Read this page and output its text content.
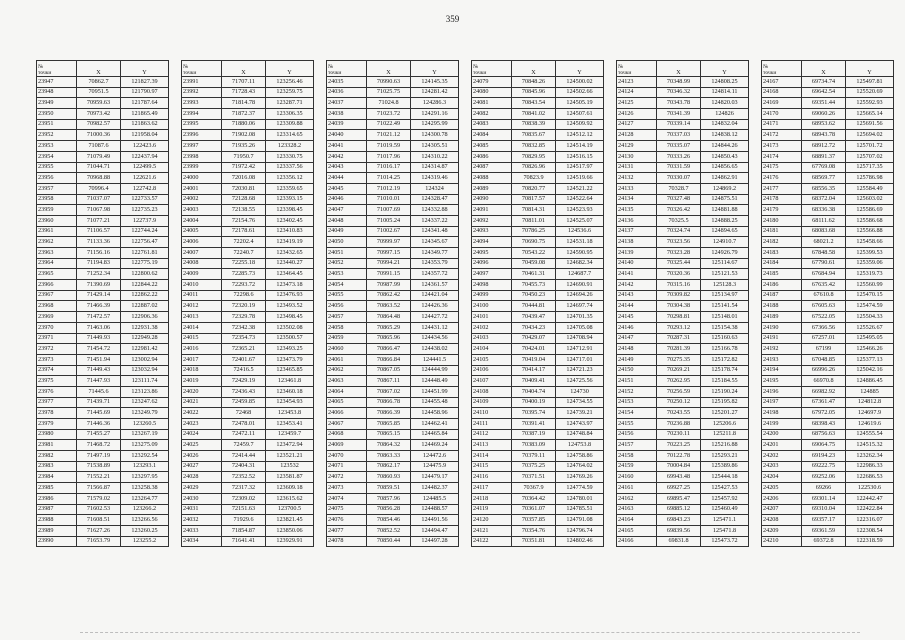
359
№
точки	X	Y
23947	70862.7	121827.39
23948	70951.5	121790.97
23949	70959.63	121787.64
23950	70973.42	121865.49
23951	70982.57	121863.62
23952	71000.36	121958.04
23953	71087.6	122423.6
23954	71079.49	122437.94
23955	71044.71	122499.5
23956	70968.88	122621.6
23957	70996.4	122742.8
23958	71037.07	122733.57
23959	71067.98	122735.23
23960	71077.21	122737.9
23961	71106.57	122744.24
23962	71133.36	122756.47
23963	71156.16	122761.81
23964	71194.83	122775.19
23965	71252.34	122800.62
23966	71390.69	122844.22
23967	71429.14	122862.22
23968	71466.39	122887.02
23969	71472.57	122906.36
23970	71463.06	122931.38
23971	71449.93	122949.28
23972	71454.72	122981.42
23973	71451.94	123002.94
23974	71449.43	123032.94
23975	71447.93	123111.74
23976	71445.6	123123.86
23977	71439.71	123247.62
23978	71445.69	123249.79
23979	71446.36	123260.5
23980	71455.27	123267.19
23981	71468.72	123275.09
23982	71497.19	123292.54
23983	71538.89	123293.1
23984	71552.21	123297.95
23985	71566.87	123258.38
23986	71579.02	123264.77
23987	71602.53	123266.2
23988	71608.51	123266.56
23989	71627.26	123260.25
23990	71653.79	123255.2
№
точки	X	Y
23991	71707.11	123256.46
23992	71728.43	123259.75
23993	71814.78	123287.71
23994	71872.37	123306.35
23995	71880.06	123309.88
23996	71902.08	123314.65
23997	71935.26	123328.2
23998	71950.7	123330.75
23999	71972.42	123337.56
24000	72016.08	123356.12
24001	72030.81	123359.65
24002	72128.68	123393.15
24003	72138.55	123398.45
24004	72154.76	123402.45
24005	72178.61	123410.83
24006	72202.4	123419.19
24007	72240.7	123432.65
24008	72255.18	123440.27
24009	72285.73	123464.45
24010	72293.72	123473.18
24011	72298.6	123476.93
24012	72320.19	123493.52
24013	72329.78	123498.45
24014	72342.38	123502.08
24015	72354.73	123500.57
24016	72365.21	123493.25
24017	72401.67	123473.79
24018	72416.5	123465.85
24019	72429.19	123461.8
24020	72436.43	123460.18
24021	72459.85	123454.93
24022	72468	123453.8
24023	72478.01	123453.41
24024	72472.11	123459.7
24025	72459.7	123472.94
24026	72414.44	123521.21
24027	72404.31	123532
24028	72352.52	123581.87
24029	72317.32	123609.18
24030	72309.02	123615.62
24031	72151.63	123700.5
24032	71929.6	123821.45
24033	71854.87	123850.06
24034	71641.41	123929.91
№
точки	X	Y
24035	70990.63	124145.35
24036	71025.75	124281.42
24037	71024.8	124286.3
24038	71023.72	124291.16
24039	71022.49	124295.99
24040	71021.12	124300.78
24041	71019.59	124305.51
24042	71017.96	124310.22
24043	71016.17	124314.87
24044	71014.25	124319.46
24045	71012.19	124324
24046	71010.01	124328.47
24047	71007.69	124332.88
24048	71005.24	124337.22
24049	71002.67	124341.48
24050	70999.97	124345.67
24051	70997.15	124349.77
24052	70994.21	124353.79
24053	70991.15	124357.72
24054	70987.99	124361.57
24055	70862.42	124421.04
24056	70863.52	124426.36
24057	70864.48	124427.72
24058	70865.29	124431.12
24059	70865.96	124434.56
24060	70866.47	124438.02
24061	70866.84	124441.5
24062	70867.05	124444.99
24063	70867.11	124448.49
24064	70867.02	124451.99
24065	70866.78	124455.48
24066	70866.39	124458.96
24067	70865.85	124462.41
24068	70865.15	124465.84
24069	70864.32	124469.24
24070	70863.33	124472.6
24071	70862.17	124475.9
24072	70860.93	124479.17
24073	70859.51	124482.37
24074	70857.96	124485.5
24075	70856.28	124488.57
24076	70854.46	124491.56
24077	70852.52	124494.47
24078	70850.44	124497.28
№
точки	X	Y
24079	70848.26	124500.02
24080	70845.96	124502.66
24081	70843.54	124505.19
24082	70841.02	124507.61
24083	70838.39	124509.92
24084	70835.67	124512.12
24085	70832.85	124514.19
24086	70829.95	124516.15
24087	70826.96	124517.97
24088	70823.9	124519.66
24089	70820.77	124521.22
24090	70817.57	124522.64
24091	70814.31	124523.93
24092	70811.01	124525.07
24093	70786.25	124536.6
24094	70690.75	124531.18
24095	70543.22	124590.95
24096	70459.08	124682.34
24097	70461.31	124687.7
24098	70455.73	124690.91
24099	70450.23	124694.26
24100	70444.81	124697.74
24101	70439.47	124701.35
24102	70434.23	124705.08
24103	70429.07	124708.94
24104	70424.01	124712.91
24105	70419.04	124717.01
24106	70414.17	124721.23
24107	70409.41	124725.56
24108	70404.74	124730
24109	70400.19	124734.55
24110	70395.74	124739.21
24111	70391.41	124743.97
24112	70387.19	124748.84
24113	70383.09	124753.8
24114	70379.11	124758.86
24115	70375.25	124764.02
24116	70371.51	124769.26
24117	70367.9	124774.59
24118	70364.42	124780.01
24119	70361.07	124785.51
24120	70357.85	124791.08
24121	70354.76	124796.74
24122	70351.81	124802.46
№
точки	X	Y
24123	70348.99	124808.25
24124	70346.32	124814.11
24125	70343.78	124820.03
24126	70341.39	124826
24127	70339.14	124832.04
24128	70337.03	124838.12
24129	70335.07	124844.26
24130	70333.26	124850.43
24131	70331.59	124856.65
24132	70330.07	124862.91
24133	70328.7	124869.2
24134	70327.48	124875.51
24135	70326.42	124881.88
24136	70325.5	124888.25
24137	70324.74	124894.65
24138	70323.56	124910.7
24139	70323.28	124926.79
24140	70325.44	125114.67
24141	70320.36	125121.53
24142	70315.16	125128.3
24143	70309.82	125134.97
24144	70304.38	125141.54
24145	70298.81	125148.01
24146	70293.12	125154.38
24147	70287.31	125160.63
24148	70281.39	125166.78
24149	70275.35	125172.82
24150	70269.21	125178.74
24151	70262.95	125184.55
24152	70256.59	125190.24
24153	70250.12	125195.82
24154	70243.55	125201.27
24155	70236.88	125206.6
24156	70230.11	125211.8
24157	70223.25	125216.88
24158	70122.78	125293.21
24159	70004.84	125389.86
24160	69943.48	125444.18
24161	69927.25	125427.53
24162	69895.47	125457.92
24163	69885.12	125460.49
24164	69843.23	125471.1
24165	69839.56	125471.8
24166	69831.8	125473.72
№
точки	X	Y
24167	69734.74	125497.81
24168	69642.54	125520.69
24169	69351.44	125592.93
24170	69060.26	125665.14
24171	68953.62	125691.56
24172	68943.78	125694.02
24173	68912.72	125701.72
24174	68891.37	125707.02
24175	67769.08	125717.35
24176	68569.77	125786.98
24177	68556.35	125584.49
24178	68372.04	125603.02
24179	68336.38	125586.69
24180	68111.62	125586.68
24181	68083.68	125566.88
24182	68021.2	125458.66
24183	67848.58	125399.53
24184	67790.61	125359.06
24185	67684.94	125319.73
24186	67635.42	125560.99
24187	67610.8	125470.15
24188	67605.63	125474.59
24189	67522.05	125504.33
24190	67366.56	125526.67
24191	67257.01	125495.05
24192	67199	125466.26
24193	67048.85	125377.13
24194	66996.26	125042.16
24195	66970.8	124886.45
24196	66982.92	124885
24197	67361.47	124812.8
24198	67972.05	124697.9
24199	68398.43	124619.6
24200	68756.63	124555.54
24201	69064.75	124515.32
24202	69194.23	123262.34
24203	69222.75	122986.33
24204	69252.06	122686.53
24205	69266	122530.6
24206	69301.14	122442.47
24207	69310.04	122422.84
24208	69357.17	122316.07
24209	69361.59	122308.54
24210	69372.8	122318.59
